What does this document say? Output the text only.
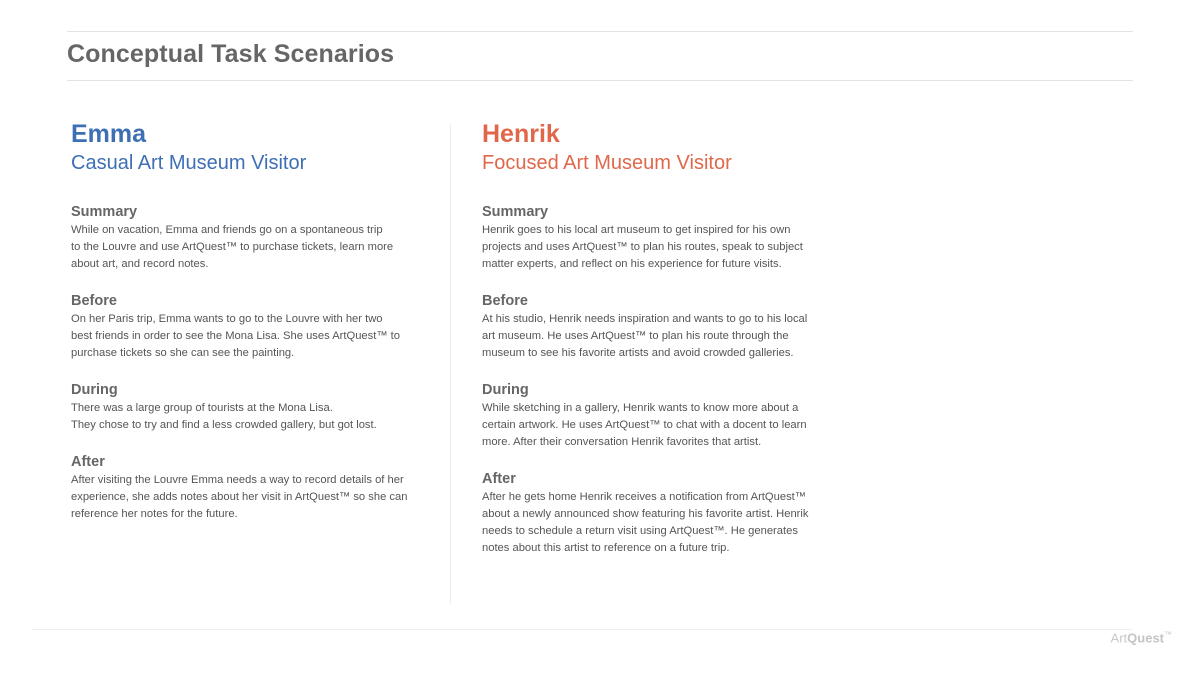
Conceptual Task Scenarios
Emma
Casual Art Museum Visitor
Summary
While on vacation, Emma and friends go on a spontaneous trip
to the Louvre and use ArtQuest™ to purchase tickets, learn more
about art, and record notes.
Before
On her Paris trip, Emma wants to go to the Louvre with her two
best friends in order to see the Mona Lisa. She uses ArtQuest™ to
purchase tickets so she can see the painting.
During
There was a large group of tourists at the Mona Lisa.
They chose to try and find a less crowded gallery, but got lost.
After
After visiting the Louvre Emma needs a way to record details of her
experience, she adds notes about her visit in ArtQuest™ so she can
reference her notes for the future.
Henrik
Focused Art Museum Visitor
Summary
Henrik goes to his local art museum to get inspired for his own
projects and uses ArtQuest™ to plan his routes, speak to subject
matter experts, and reflect on his experience for future visits.
Before
At his studio, Henrik needs inspiration and wants to go to his local
art museum. He uses ArtQuest™ to plan his route through the
museum to see his favorite artists and avoid crowded galleries.
During
While sketching in a gallery, Henrik wants to know more about a
certain artwork. He uses ArtQuest™ to chat with a docent to learn
more. After their conversation Henrik favorites that artist.
After
After he gets home Henrik receives a notification from ArtQuest™
about a newly announced show featuring his favorite artist. Henrik
needs to schedule a return visit using ArtQuest™. He generates
notes about this artist to reference on a future trip.
ArtQuest™
